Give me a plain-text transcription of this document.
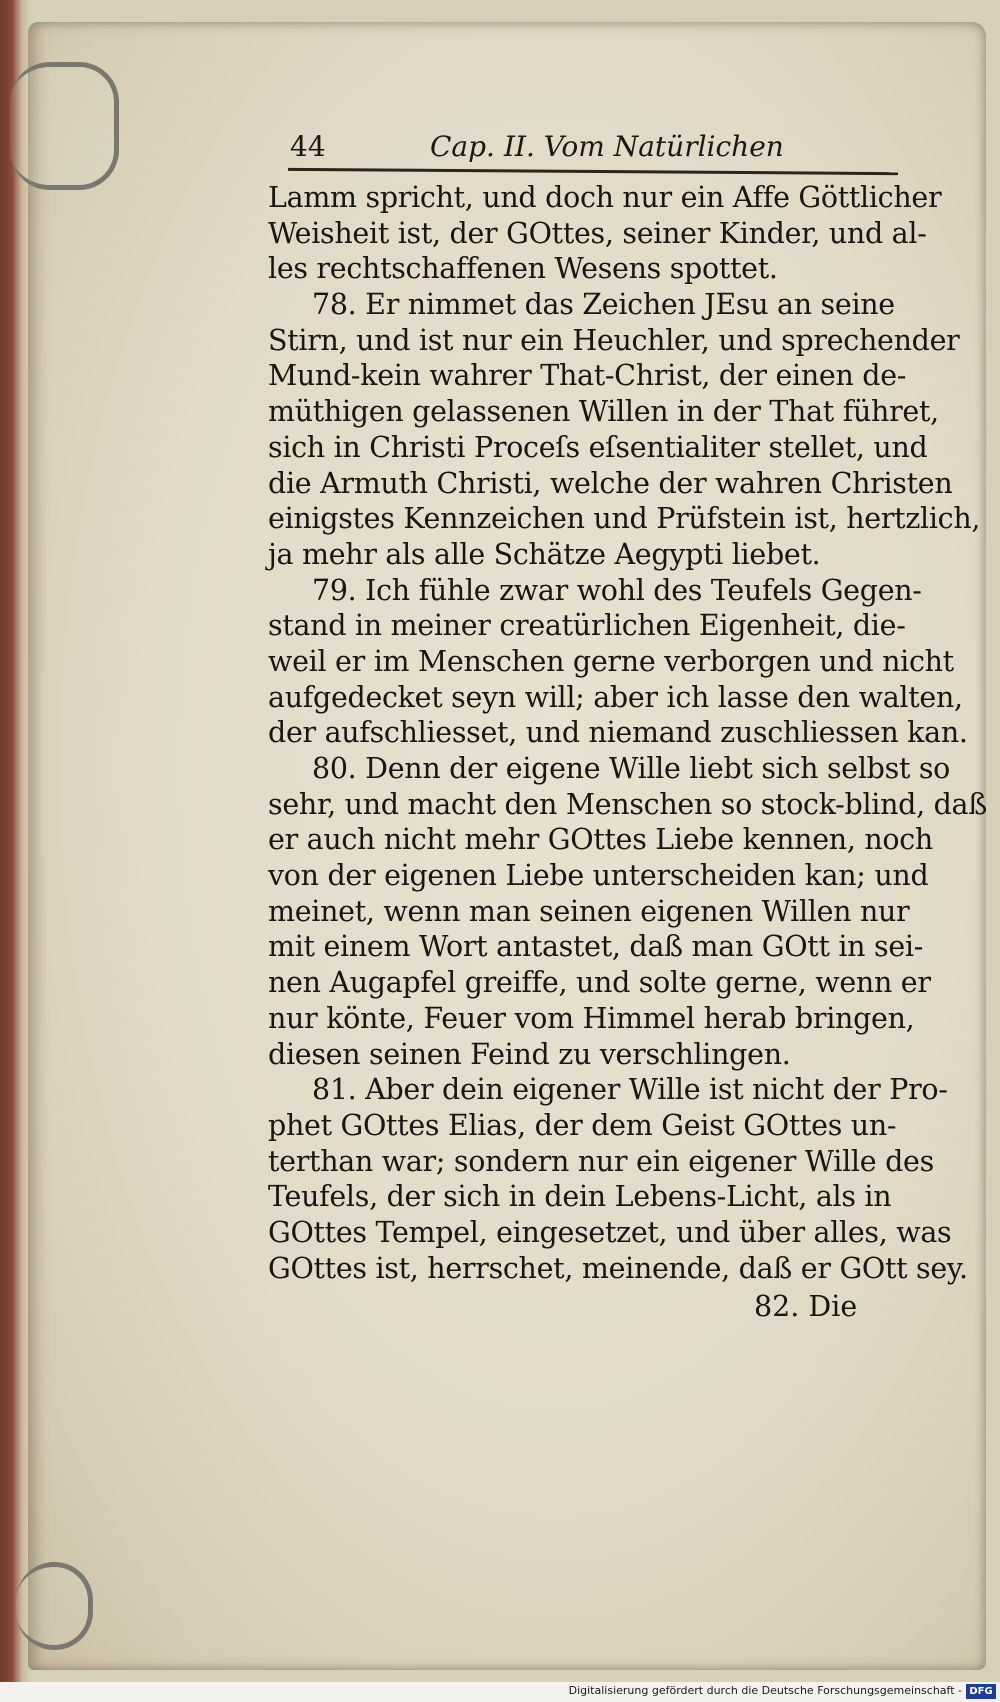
44	Cap. II. Vom Natürlichen
Lamm spricht, und doch nur ein Affe Göttlicher
Weisheit ist, der GOttes, seiner Kinder, und al-
les rechtschaffenen Wesens spottet.
78. Er nimmet das Zeichen JEsu an seine
Stirn, und ist nur ein Heuchler, und sprechender
Mund-kein wahrer That-Christ, der einen de-
müthigen gelassenen Willen in der That führet,
sich in Christi Proceſs eſsentialiter stellet, und
die Armuth Christi, welche der wahren Christen
einigstes Kennzeichen und Prüfstein ist, hertzlich,
ja mehr als alle Schätze Aegypti liebet.
79. Ich fühle zwar wohl des Teufels Gegen-
stand in meiner creatürlichen Eigenheit, die-
weil er im Menschen gerne verborgen und nicht
aufgedecket seyn will; aber ich lasse den walten,
der aufschliesset, und niemand zuschliessen kan.
80. Denn der eigene Wille liebt sich selbst so
sehr, und macht den Menschen so stock-blind, daß
er auch nicht mehr GOttes Liebe kennen, noch
von der eigenen Liebe unterscheiden kan; und
meinet, wenn man seinen eigenen Willen nur
mit einem Wort antastet, daß man GOtt in sei-
nen Augapfel greiffe, und solte gerne, wenn er
nur könte, Feuer vom Himmel herab bringen,
diesen seinen Feind zu verschlingen.
81. Aber dein eigener Wille ist nicht der Pro-
phet GOttes Elias, der dem Geist GOttes un-
terthan war; sondern nur ein eigener Wille des
Teufels, der sich in dein Lebens-Licht, als in
GOttes Tempel, eingesetzet, und über alles, was
GOttes ist, herrschet, meinende, daß er GOtt sey.
82. Die
Digitalisierung gefördert durch die Deutsche Forschungsgemeinschaft - DFG
